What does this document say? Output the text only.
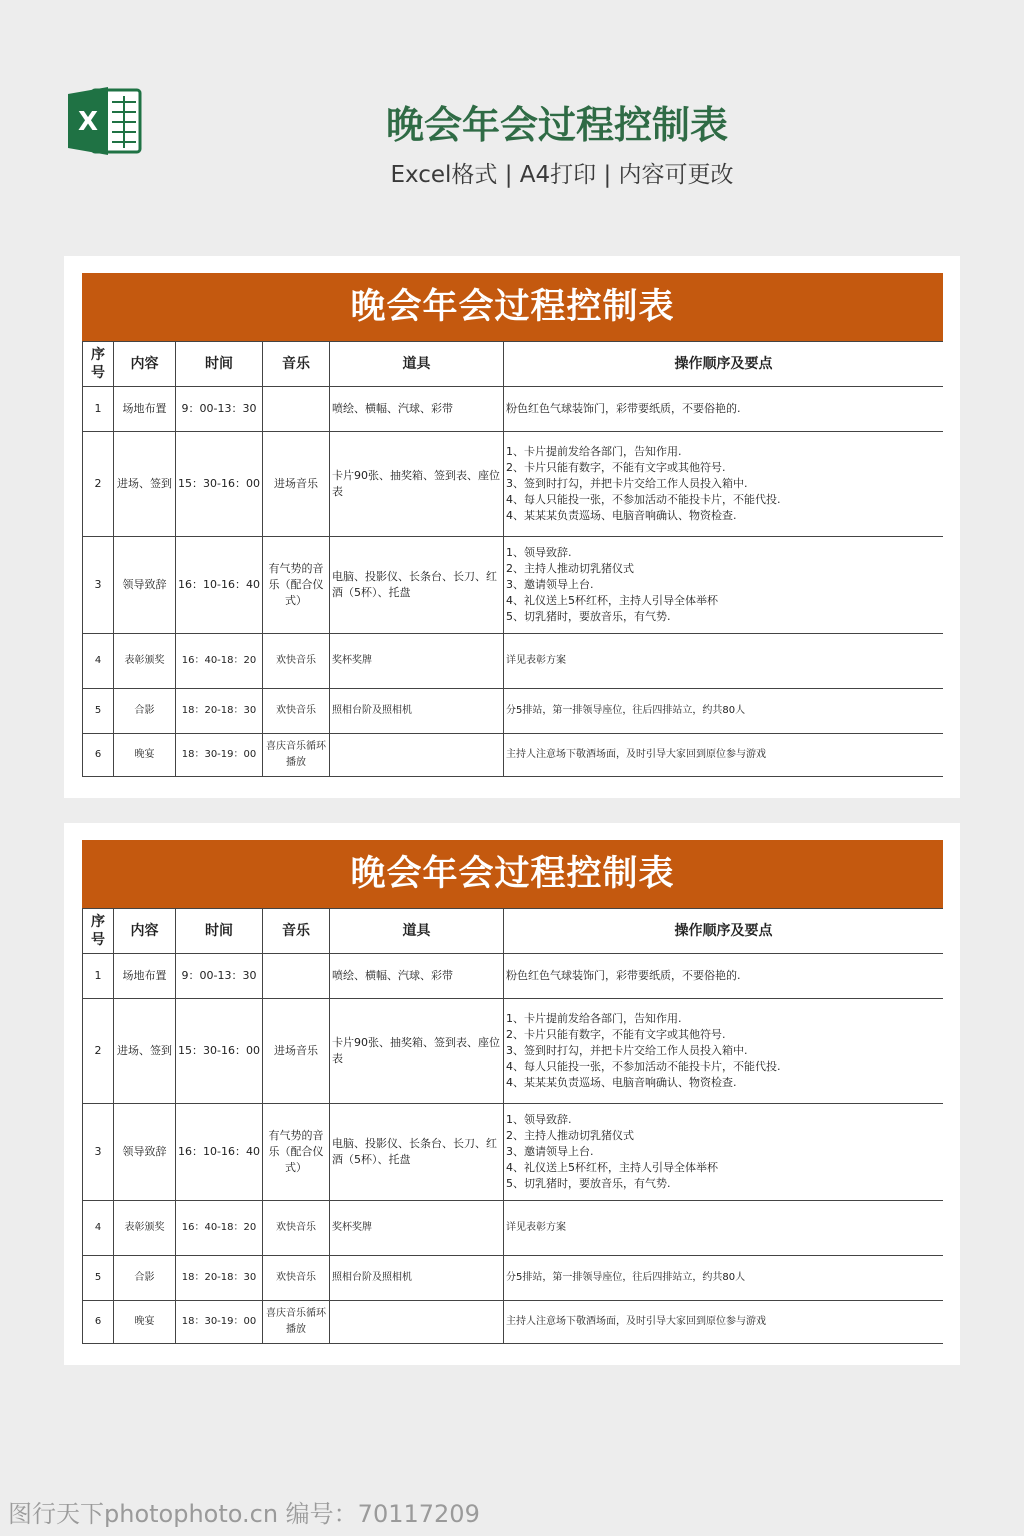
X	晚会年会过程控制表
Excel格式 | A4打印 | 内容可更改
晚会年会过程控制表
序号	内容	时间	音乐	道具	操作顺序及要点
1	场地布置	9：00-13：30		喷绘、横幅、汽球、彩带	粉色红色气球装饰门，彩带要纸质，不要俗艳的.

2	进场、签到	15：30-16：00	进场音乐	卡片90张、抽奖箱、签到表、座位表	1、卡片提前发给各部门，告知作用.
2、卡片只能有数字，不能有文字或其他符号.
3、签到时打勾，并把卡片交给工作人员投入箱中.
4、每人只能投一张，不参加活动不能投卡片，不能代投.
4、某某某负责巡场、电脑音响确认、物资检查.

3	领导致辞	16：10-16：40	有气势的音乐（配合仪式）	电脑、投影仪、长条台、长刀、红酒（5杯）、托盘	1、领导致辞.
2、主持人推动切乳猪仪式
3、邀请领导上台.
4、礼仪送上5杯红杯，主持人引导全体举杯
5、切乳猪时，要放音乐，有气势.

4	表彰颁奖	16：40-18：20	欢快音乐	奖杯奖牌	详见表彰方案

5	合影	18：20-18：30	欢快音乐	照相台阶及照相机	分5排站，第一排领导座位，往后四排站立，约共80人

6	晚宴	18：30-19：00	喜庆音乐循环播放		主持人注意场下敬酒场面，及时引导大家回到原位参与游戏
晚会年会过程控制表
序号	内容	时间	音乐	道具	操作顺序及要点
1	场地布置	9：00-13：30		喷绘、横幅、汽球、彩带	粉色红色气球装饰门，彩带要纸质，不要俗艳的.

2	进场、签到	15：30-16：00	进场音乐	卡片90张、抽奖箱、签到表、座位表	1、卡片提前发给各部门，告知作用.
2、卡片只能有数字，不能有文字或其他符号.
3、签到时打勾，并把卡片交给工作人员投入箱中.
4、每人只能投一张，不参加活动不能投卡片，不能代投.
4、某某某负责巡场、电脑音响确认、物资检查.

3	领导致辞	16：10-16：40	有气势的音乐（配合仪式）	电脑、投影仪、长条台、长刀、红酒（5杯）、托盘	1、领导致辞.
2、主持人推动切乳猪仪式
3、邀请领导上台.
4、礼仪送上5杯红杯，主持人引导全体举杯
5、切乳猪时，要放音乐，有气势.

4	表彰颁奖	16：40-18：20	欢快音乐	奖杯奖牌	详见表彰方案

5	合影	18：20-18：30	欢快音乐	照相台阶及照相机	分5排站，第一排领导座位，往后四排站立，约共80人

6	晚宴	18：30-19：00	喜庆音乐循环播放		主持人注意场下敬酒场面，及时引导大家回到原位参与游戏
图行天下photophoto.cn 编号：70117209
